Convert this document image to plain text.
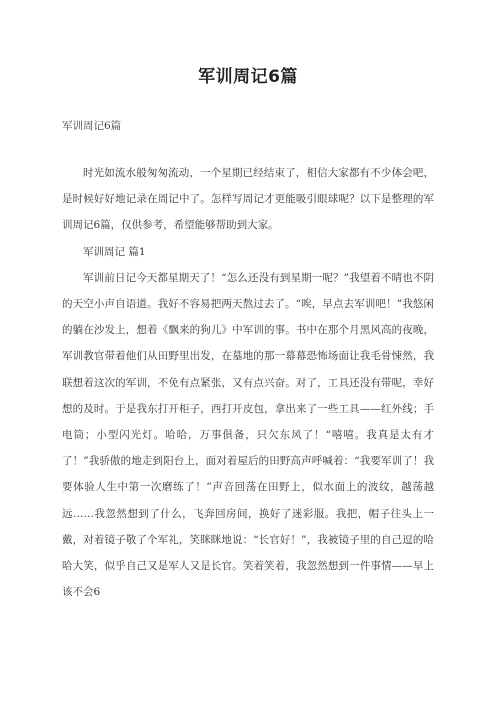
军训周记6篇
军训周记6篇

时光如流水般匆匆流动，一个星期已经结束了，相信大家都有不少体会吧，是时候好好地记录在周记中了。怎样写周记才更能吸引眼球呢？以下是整理的军训周记6篇，仅供参考，希望能够帮助到大家。

军训周记 篇1

军训前日记今天都星期天了！“怎么还没有到星期一呢？”我望着不晴也不阴的天空小声自语道。我好不容易把两天熬过去了。“唉，早点去军训吧！”我悠闲的躺在沙发上，想着《飘来的狗儿》中军训的事。书中在那个月黑风高的夜晚，军训教官带着他们从田野里出发，在墓地的那一幕幕恐怖场面让我毛骨悚然，我联想着这次的军训，不免有点紧张，又有点兴奋。对了，工具还没有带呢，幸好想的及时。于是我东打开柜子，西打开皮包，拿出来了一些工具——红外线；手电筒；小型闪光灯。哈哈，万事俱备，只欠东风了！“嘻嘻。我真是太有才了！”我骄傲的地走到阳台上，面对着屋后的田野高声呼喊着：“我要军训了！我要体验人生中第一次磨练了！”声音回荡在田野上，似水面上的波纹，越荡越远……我忽然想到了什么，飞奔回房间，换好了迷彩服。我把，帽子往头上一戴，对着镜子敬了个军礼，笑眯眯地说：“长官好！”，我被镜子里的自己逗的哈哈大笑，似乎自己又是军人又是长官。笑着笑着，我忽然想到一件事情——早上该不会6
